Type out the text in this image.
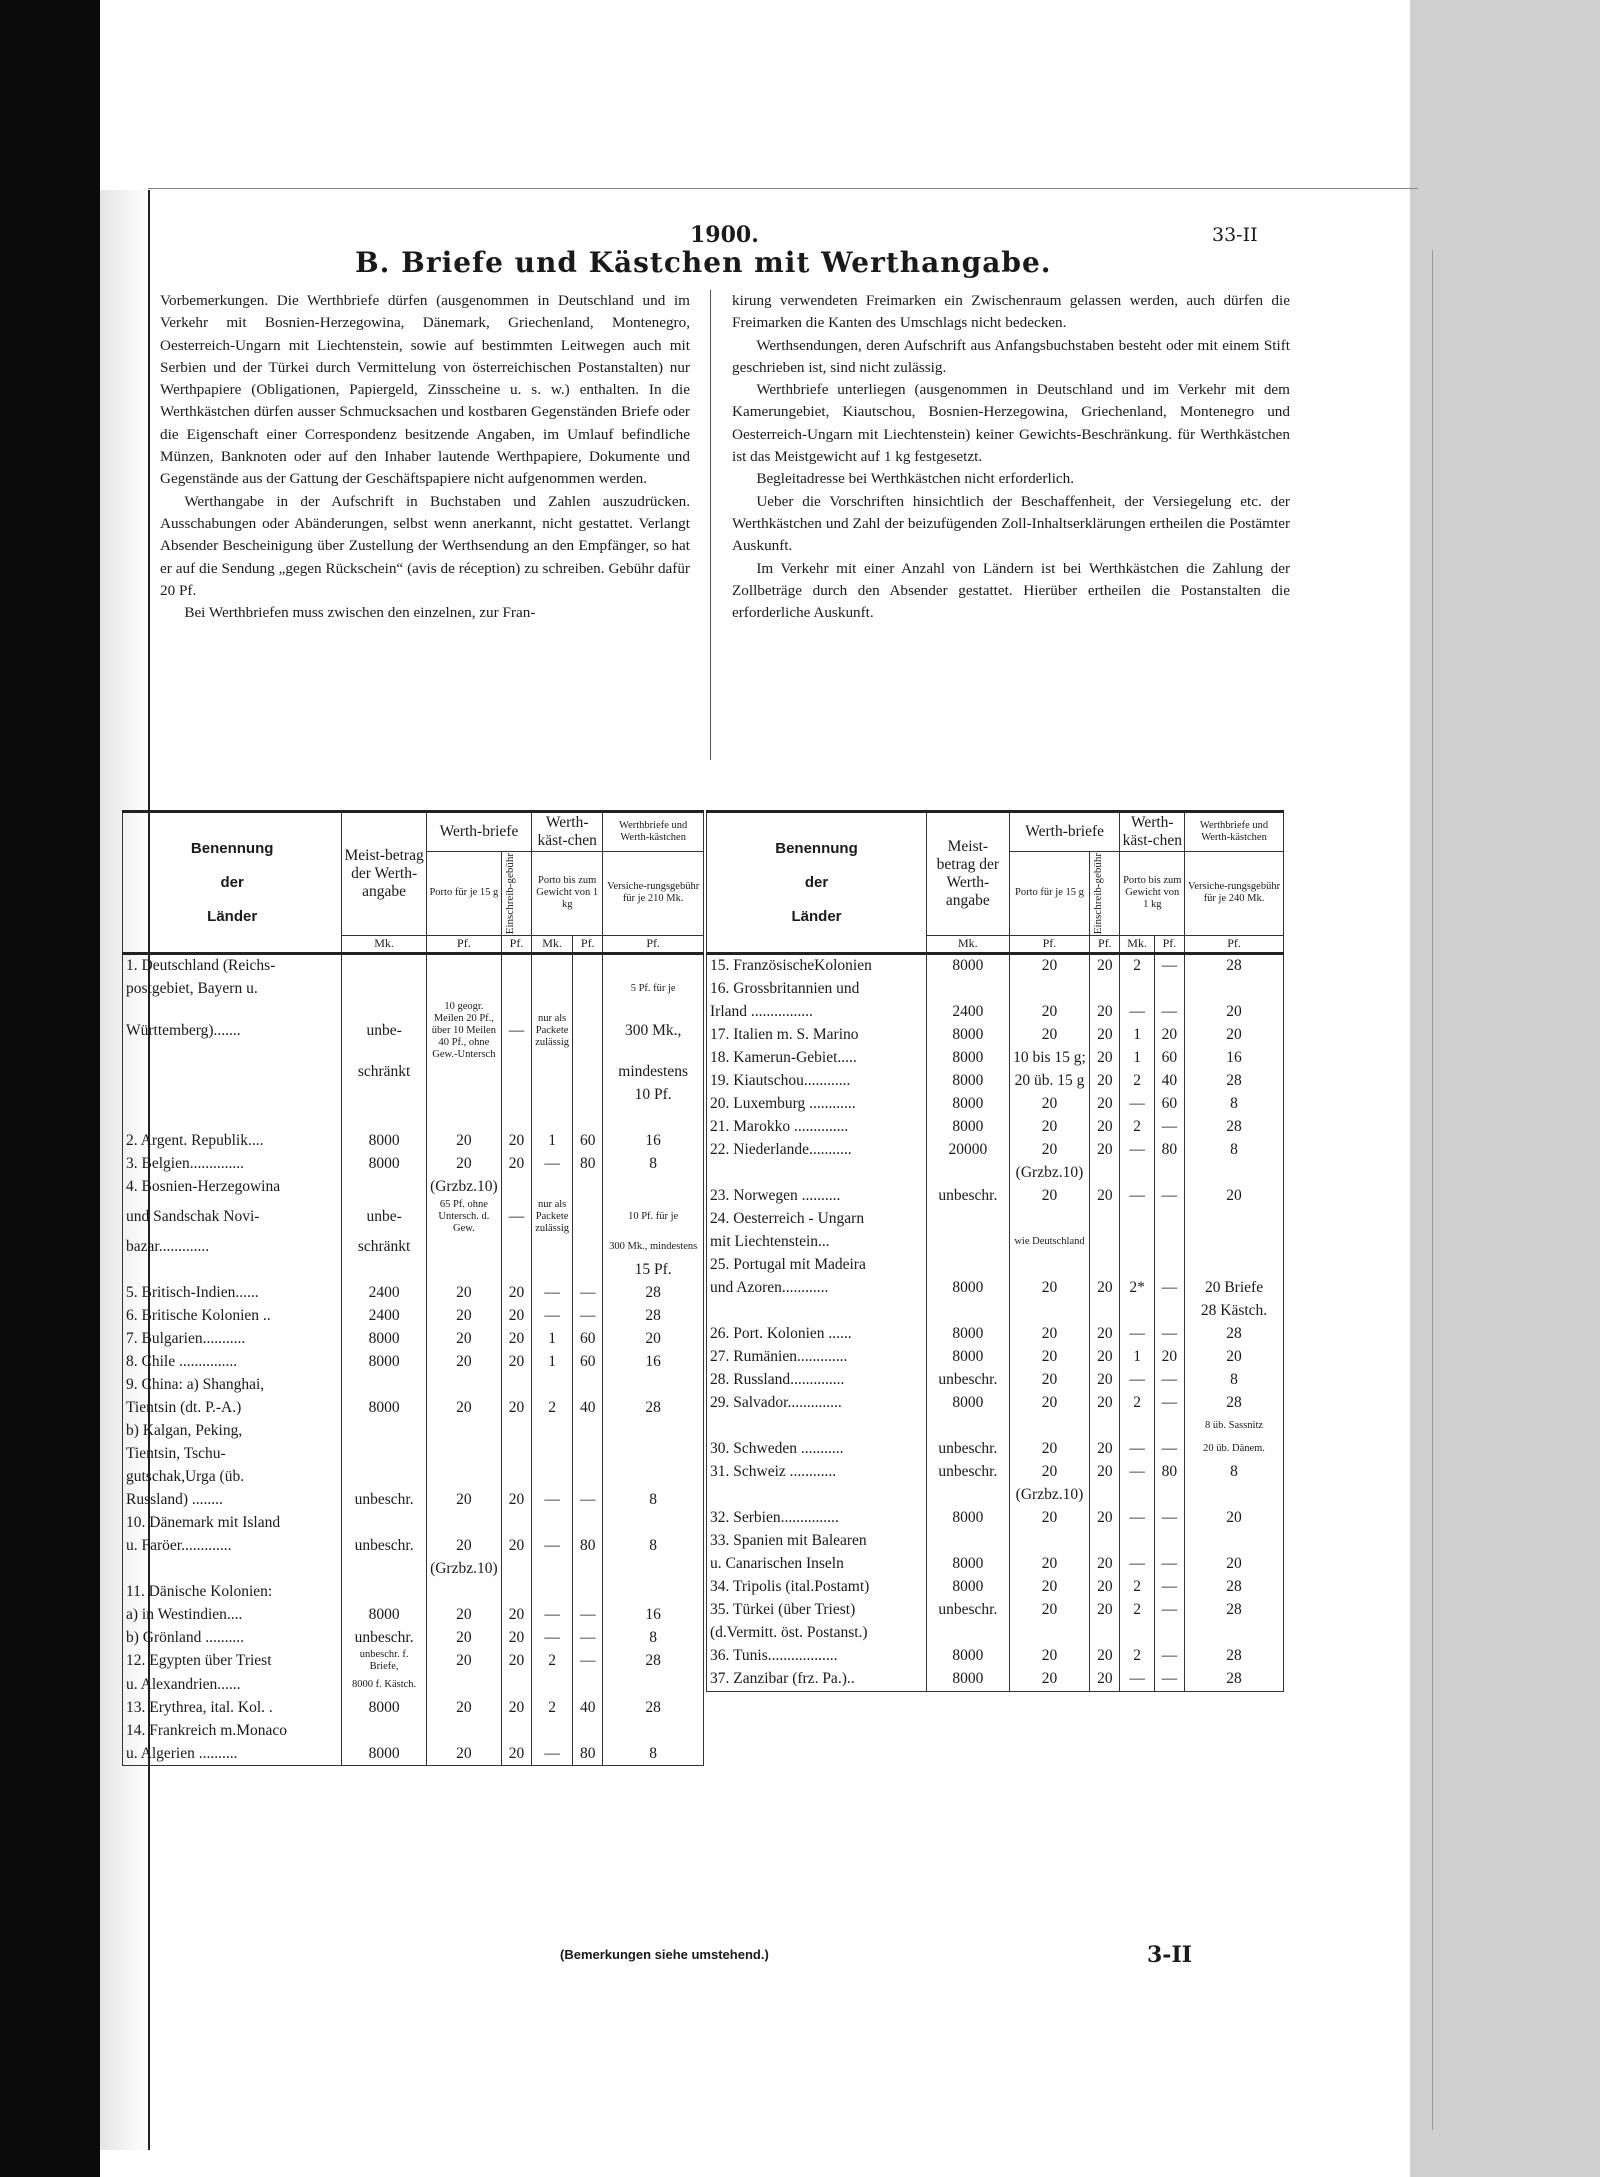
1900.	33-II
B. Briefe und Kästchen mit Werthangabe.

Vorbemerkungen. Die Werthbriefe dürfen (ausgenommen in Deutschland und im Verkehr mit Bosnien-Herzegowina, Dänemark, Griechenland, Montenegro, Oesterreich-Ungarn mit Liechtenstein, sowie auf bestimmten Leitwegen auch mit Serbien und der Türkei durch Vermittelung von österreichischen Postanstalten) nur Werthpapiere (Obligationen, Papiergeld, Zinsscheine u. s. w.) enthalten. In die Werthkästchen dürfen ausser Schmucksachen und kostbaren Gegenständen Briefe oder die Eigenschaft einer Correspondenz besitzende Angaben, im Umlauf befindliche Münzen, Banknoten oder auf den Inhaber lautende Werthpapiere, Dokumente und Gegenstände aus der Gattung der Geschäftspapiere nicht aufgenommen werden.

Werthangabe in der Aufschrift in Buchstaben und Zahlen auszudrücken. Ausschabungen oder Abänderungen, selbst wenn anerkannt, nicht gestattet. Verlangt Absender Bescheinigung über Zustellung der Werthsendung an den Empfänger, so hat er auf die Sendung „gegen Rückschein“ (avis de réception) zu schreiben. Gebühr dafür 20 Pf.

Bei Werthbriefen muss zwischen den einzelnen, zur Fran-

kirung verwendeten Freimarken ein Zwischenraum gelassen werden, auch dürfen die Freimarken die Kanten des Umschlags nicht bedecken.

Werthsendungen, deren Aufschrift aus Anfangsbuchstaben besteht oder mit einem Stift geschrieben ist, sind nicht zulässig.

Werthbriefe unterliegen (ausgenommen in Deutschland und im Verkehr mit dem Kamerungebiet, Kiautschou, Bosnien-Herzegowina, Griechenland, Montenegro und Oesterreich-Ungarn mit Liechtenstein) keiner Gewichts-Beschränkung. für Werthkästchen ist das Meistgewicht auf 1 kg festgesetzt.

Begleitadresse bei Werthkästchen nicht erforderlich.

Ueber die Vorschriften hinsichtlich der Beschaffenheit, der Versiegelung etc. der Werthkästchen und Zahl der beizufügenden Zoll-Inhaltserklärungen ertheilen die Postämter Auskunft.

Im Verkehr mit einer Anzahl von Ländern ist bei Werthkästchen die Zahlung der Zollbeträge durch den Absender gestattet. Hierüber ertheilen die Postanstalten die erforderliche Auskunft.

Benennung

der

Länder	Meist-betrag der Werth-angabe	Werth-briefe		Werth-käst-chen		Werthbriefe und Werth-kästchen
		Porto für je 15 g	Einschreib-gebühr	Porto bis zum Gewicht von 1 kg		Versiche-rungsgebühr für je 210 Mk.
	Mk.	Pf.	Pf.	Mk.	Pf.	Pf.
1. Deutschland (Reichs-						
postgebiet, Bayern u.						5 Pf. für je
Württemberg).......	unbe-	10 geogr. Meilen 20 Pf., über 10 Meilen 40 Pf., ohne Gew.-Untersch	—	nur als Packete zulässig		300 Mk.,
	schränkt					mindestens
						10 Pf.

2. Argent. Republik....	8000	20	20	1	60	16
3. Belgien..............	8000	20	20	—	80	8
4. Bosnien-Herzegowina		(Grzbz.10)				
und Sandschak Novi-	unbe-	65 Pf. ohne Untersch. d. Gew.	—	nur als Packete zulässig		10 Pf. für je
bazar.............	schränkt					300 Mk., mindestens
						15 Pf.
5. Britisch-Indien......	2400	20	20	—	—	28
6. Britische Kolonien ..	2400	20	20	—	—	28
7. Bulgarien...........	8000	20	20	1	60	20
8. Chile ...............	8000	20	20	1	60	16
9. China: a) Shanghai,						
Tientsin (dt. P.-A.)	8000	20	20	2	40	28
b) Kalgan, Peking,						
Tientsin, Tschu-						
gutschak,Urga (üb.						
Russland) ........	unbeschr.	20	20	—	—	8
10. Dänemark mit Island						
u. Faröer.............	unbeschr.	20	20	—	80	8
		(Grzbz.10)				
11. Dänische Kolonien:						
a) in Westindien....	8000	20	20	—	—	16
b) Grönland ..........	unbeschr.	20	20	—	—	8
12. Egypten über Triest	unbeschr. f. Briefe,	20	20	2	—	28
u. Alexandrien......	8000 f. Kästch.					
13. Erythrea, ital. Kol. .	8000	20	20	2	40	28
14. Frankreich m.Monaco						
u. Algerien ..........	8000	20	20	—	80	8
Benennung

der

Länder	Meist-betrag der Werth-angabe	Werth-briefe		Werth-käst-chen		Werthbriefe und Werth-kästchen
		Porto für je 15 g	Einschreib-gebühr	Porto bis zum Gewicht von 1 kg		Versiche-rungsgebühr für je 240 Mk.
	Mk.	Pf.	Pf.	Mk.	Pf.	Pf.
15. FranzösischeKolonien	8000	20	20	2	—	28
16. Grossbritannien und						
Irland ................	2400	20	20	—	—	20
17. Italien m. S. Marino	8000	20	20	1	20	20
18. Kamerun-Gebiet.....	8000	10 bis 15 g;	20	1	60	16
19. Kiautschou............	8000	20 üb. 15 g	20	2	40	28
20. Luxemburg ............	8000	20	20	—	60	8
21. Marokko ..............	8000	20	20	2	—	28
22. Niederlande...........	20000	20	20	—	80	8
		(Grzbz.10)				
23. Norwegen ..........	unbeschr.	20	20	—	—	20
24. Oesterreich - Ungarn						
mit Liechtenstein...		wie Deutschland				
25. Portugal mit Madeira						
und Azoren............	8000	20	20	2*	—	20 Briefe
						28 Kästch.
26. Port. Kolonien ......	8000	20	20	—	—	28
27. Rumänien.............	8000	20	20	1	20	20
28. Russland..............	unbeschr.	20	20	—	—	8
29. Salvador..............	8000	20	20	2	—	28
						8 üb. Sassnitz
30. Schweden ...........	unbeschr.	20	20	—	—	20 üb. Dänem.
31. Schweiz ............	unbeschr.	20	20	—	80	8
		(Grzbz.10)				
32. Serbien...............	8000	20	20	—	—	20
33. Spanien mit Balearen						
u. Canarischen Inseln	8000	20	20	—	—	20
34. Tripolis (ital.Postamt)	8000	20	20	2	—	28
35. Türkei (über Triest)	unbeschr.	20	20	2	—	28
(d.Vermitt. öst. Postanst.)						
36. Tunis..................	8000	20	20	2	—	28
37. Zanzibar (frz. Pa.)..	8000	20	20	—	—	28
(Bemerkungen siehe umstehend.)	3-II
